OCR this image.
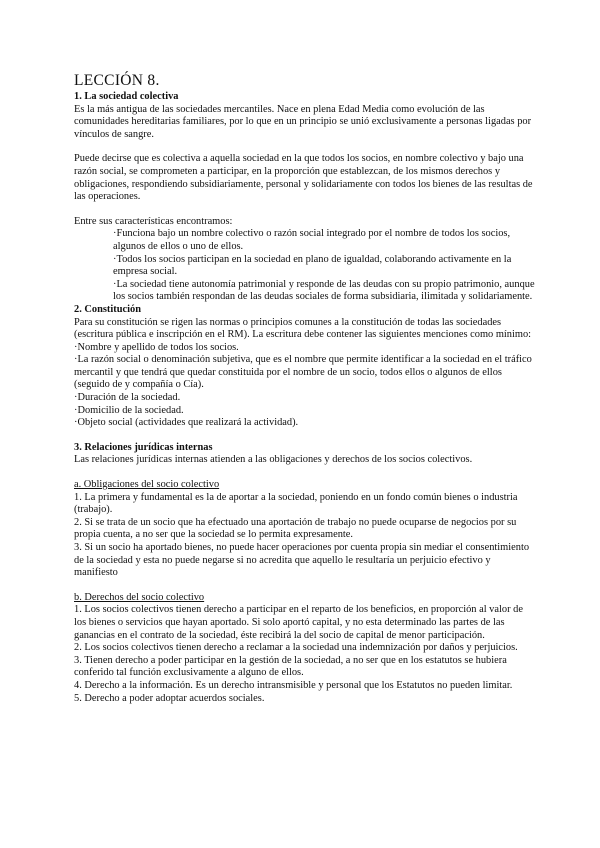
LECCIÓN 8.
1. La sociedad colectiva

Es la más antigua de las sociedades mercantiles. Nace en plena Edad Media como evolución de las comunidades hereditarias familiares, por lo que en un principio se unió exclusivamente a personas ligadas por vínculos de sangre.

Puede decirse que es colectiva a aquella sociedad en la que todos los socios, en nombre colectivo y bajo una razón social, se comprometen a participar, en la proporción que establezcan, de los mismos derechos y obligaciones, respondiendo subsidiariamente, personal y solidariamente con todos los bienes de las resultas de las operaciones.

Entre sus características encontramos:

·Funciona bajo un nombre colectivo o razón social integrado por el nombre de todos los socios, algunos de ellos o uno de ellos.

·Todos los socios participan en la sociedad en plano de igualdad, colaborando activamente en la empresa social.

·La sociedad tiene autonomía patrimonial y responde de las deudas con su propio patrimonio, aunque los socios también respondan de las deudas sociales de forma subsidiaria, ilimitada y solidariamente.

2. Constitución

Para su constitución se rigen las normas o principios comunes a la constitución de todas las sociedades (escritura pública e inscripción en el RM). La escritura debe contener las siguientes menciones como mínimo:

·Nombre y apellido de todos los socios.

·La razón social o denominación subjetiva, que es el nombre que permite identificar a la sociedad en el tráfico mercantil y que tendrá que quedar constituida por el nombre de un socio, todos ellos o algunos de ellos (seguido de y compañía o Cía).

·Duración de la sociedad.

·Domicilio de la sociedad.

·Objeto social (actividades que realizará la actividad).

3. Relaciones jurídicas internas

Las relaciones jurídicas internas atienden a las obligaciones y derechos de los socios colectivos.

a. Obligaciones del socio colectivo

1. La primera y fundamental es la de aportar a la sociedad, poniendo en un fondo común bienes o industria (trabajo).

2. Si se trata de un socio que ha efectuado una aportación de trabajo no puede ocuparse de negocios por su propia cuenta, a no ser que la sociedad se lo permita expresamente.

3. Si un socio ha aportado bienes, no puede hacer operaciones por cuenta propia sin mediar el consentimiento de la sociedad y esta no puede negarse si no acredita que aquello le resultaría un perjuicio efectivo y manifiesto

b. Derechos del socio colectivo

1. Los socios colectivos tienen derecho a participar en el reparto de los beneficios, en proporción al valor de los bienes o servicios que hayan aportado. Si solo aportó capital, y no esta determinado las partes de las ganancias en el contrato de la sociedad, éste recibirá la del socio de capital de menor participación.

2. Los socios colectivos tienen derecho a reclamar a la sociedad una indemnización por daños y perjuicios.

3. Tienen derecho a poder participar en la gestión de la sociedad, a no ser que en los estatutos se hubiera conferido tal función exclusivamente a alguno de ellos.

4. Derecho a la información. Es un derecho intransmisible y personal que los Estatutos no pueden limitar.

5. Derecho a poder adoptar acuerdos sociales.
